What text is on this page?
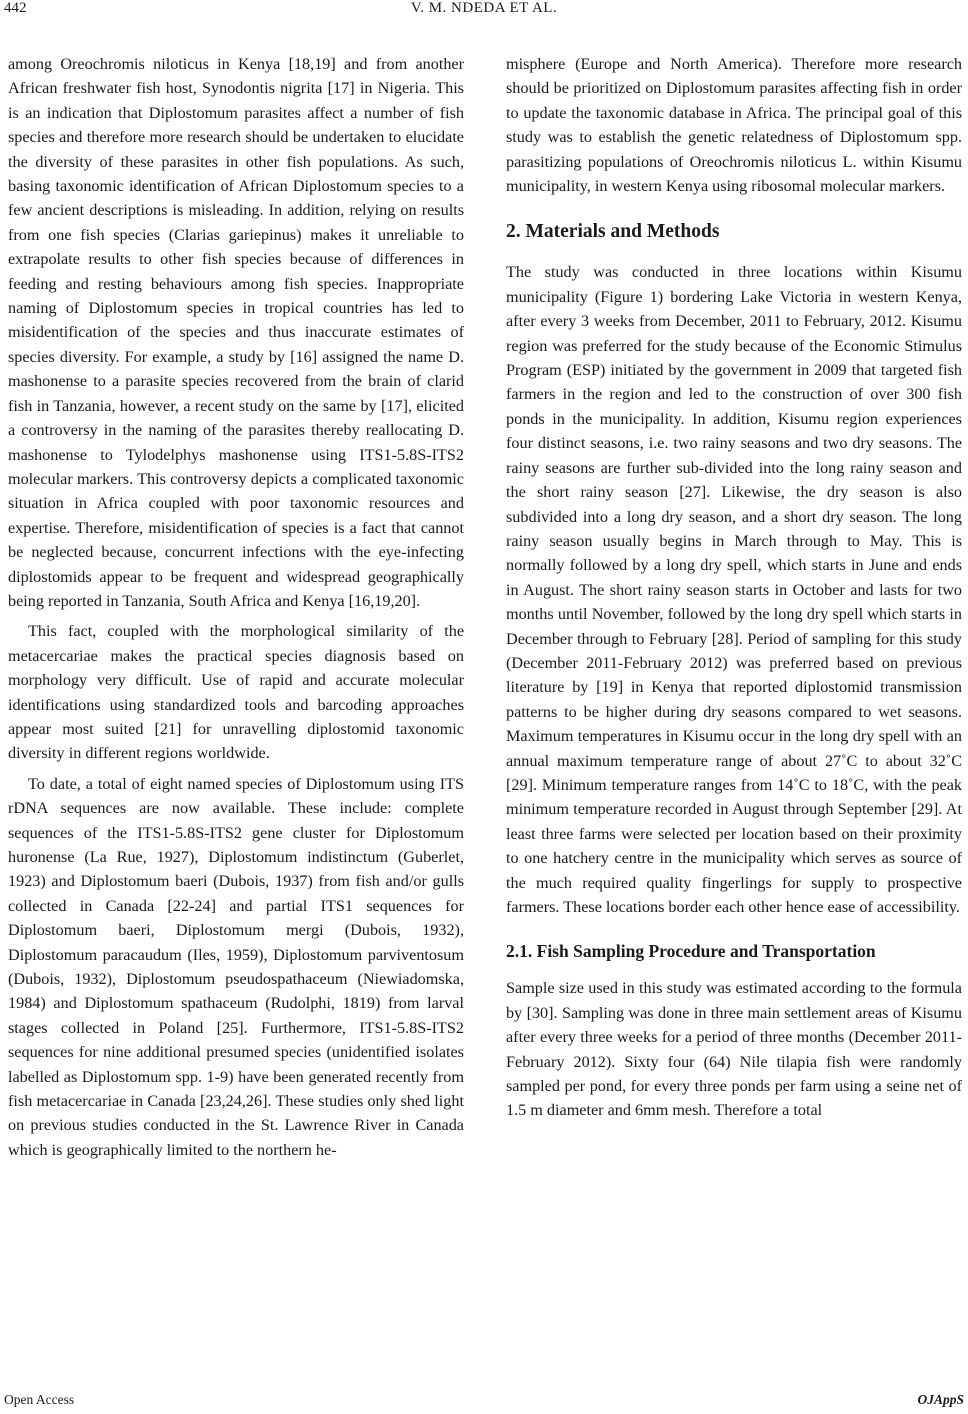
442	V. M. NDEDA ET AL.

among Oreochromis niloticus in Kenya [18,19] and from another African freshwater fish host, Synodontis nigrita [17] in Nigeria. This is an indication that Diplostomum parasites affect a number of fish species and therefore more research should be undertaken to elucidate the diversity of these parasites in other fish populations. As such, basing taxonomic identification of African Diplostomum species to a few ancient descriptions is misleading. In addition, relying on results from one fish species (Clarias gariepinus) makes it unreliable to extrapolate results to other fish species because of differences in feeding and resting behaviours among fish species. Inappropriate naming of Diplostomum species in tropical countries has led to misidentification of the species and thus inaccurate estimates of species diversity. For example, a study by [16] assigned the name D. mashonense to a parasite species recovered from the brain of clarid fish in Tanzania, however, a recent study on the same by [17], elicited a controversy in the naming of the parasites thereby reallocating D. mashonense to Tylodelphys mashonense using ITS1-5.8S-ITS2 molecular markers. This controversy depicts a complicated taxonomic situation in Africa coupled with poor taxonomic resources and expertise. Therefore, misidentification of species is a fact that cannot be neglected because, concurrent infections with the eye-infecting diplostomids appear to be frequent and widespread geographically being reported in Tanzania, South Africa and Kenya [16,19,20].

This fact, coupled with the morphological similarity of the metacercariae makes the practical species diagnosis based on morphology very difficult. Use of rapid and accurate molecular identifications using standardized tools and barcoding approaches appear most suited [21] for unravelling diplostomid taxonomic diversity in different regions worldwide.

To date, a total of eight named species of Diplostomum using ITS rDNA sequences are now available. These include: complete sequences of the ITS1-5.8S-ITS2 gene cluster for Diplostomum huronense (La Rue, 1927), Diplostomum indistinctum (Guberlet, 1923) and Diplostomum baeri (Dubois, 1937) from fish and/or gulls collected in Canada [22-24] and partial ITS1 sequences for Diplostomum baeri, Diplostomum mergi (Dubois, 1932), Diplostomum paracaudum (Iles, 1959), Diplostomum parviventosum (Dubois, 1932), Diplostomum pseudospathaceum (Niewiadomska, 1984) and Diplostomum spathaceum (Rudolphi, 1819) from larval stages collected in Poland [25]. Furthermore, ITS1-5.8S-ITS2 sequences for nine additional presumed species (unidentified isolates labelled as Diplostomum spp. 1-9) have been generated recently from fish metacercariae in Canada [23,24,26]. These studies only shed light on previous studies conducted in the St. Lawrence River in Canada which is geographically limited to the northern he-

misphere (Europe and North America). Therefore more research should be prioritized on Diplostomum parasites affecting fish in order to update the taxonomic database in Africa. The principal goal of this study was to establish the genetic relatedness of Diplostomum spp. parasitizing populations of Oreochromis niloticus L. within Kisumu municipality, in western Kenya using ribosomal molecular markers.

2. Materials and Methods

The study was conducted in three locations within Kisumu municipality (Figure 1) bordering Lake Victoria in western Kenya, after every 3 weeks from December, 2011 to February, 2012. Kisumu region was preferred for the study because of the Economic Stimulus Program (ESP) initiated by the government in 2009 that targeted fish farmers in the region and led to the construction of over 300 fish ponds in the municipality. In addition, Kisumu region experiences four distinct seasons, i.e. two rainy seasons and two dry seasons. The rainy seasons are further sub-divided into the long rainy season and the short rainy season [27]. Likewise, the dry season is also subdivided into a long dry season, and a short dry season. The long rainy season usually begins in March through to May. This is normally followed by a long dry spell, which starts in June and ends in August. The short rainy season starts in October and lasts for two months until November, followed by the long dry spell which starts in December through to February [28]. Period of sampling for this study (December 2011-February 2012) was preferred based on previous literature by [19] in Kenya that reported diplostomid transmission patterns to be higher during dry seasons compared to wet seasons. Maximum temperatures in Kisumu occur in the long dry spell with an annual maximum temperature range of about 27˚C to about 32˚C [29]. Minimum temperature ranges from 14˚C to 18˚C, with the peak minimum temperature recorded in August through September [29]. At least three farms were selected per location based on their proximity to one hatchery centre in the municipality which serves as source of the much required quality fingerlings for supply to prospective farmers. These locations border each other hence ease of accessibility.

2.1. Fish Sampling Procedure and Transportation

Sample size used in this study was estimated according to the formula by [30]. Sampling was done in three main settlement areas of Kisumu after every three weeks for a period of three months (December 2011-February 2012). Sixty four (64) Nile tilapia fish were randomly sampled per pond, for every three ponds per farm using a seine net of 1.5 m diameter and 6mm mesh. Therefore a total

Open Access	OJAppS
